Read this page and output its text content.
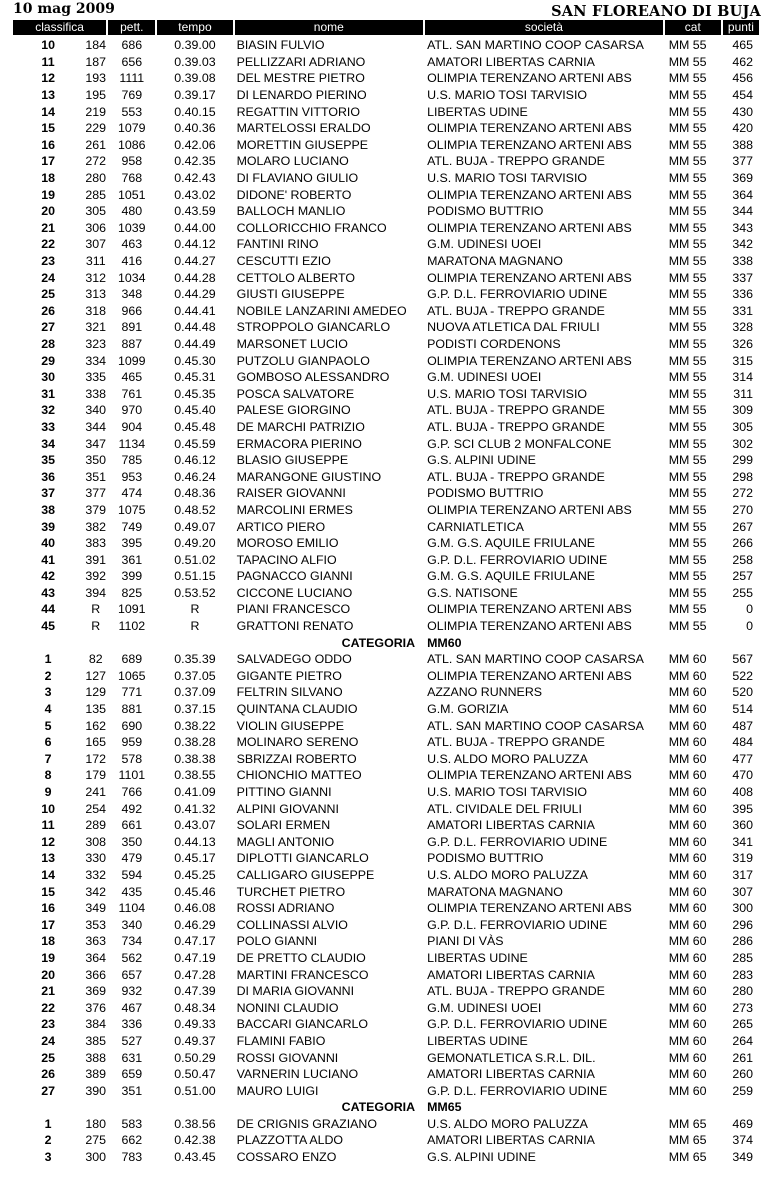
10 mag 2009	SAN FLOREANO DI BUJA
classifica		pett.	tempo	nome	società	cat	punti

10	184	686	0.39.00	BIASIN FULVIO	ATL. SAN MARTINO COOP CASARSA	MM 55	465
11	187	656	0.39.03	PELLIZZARI ADRIANO	AMATORI LIBERTAS CARNIA	MM 55	462
12	193	1111	0.39.08	DEL MESTRE PIETRO	OLIMPIA TERENZANO ARTENI ABS	MM 55	456
13	195	769	0.39.17	DI LENARDO PIERINO	U.S. MARIO TOSI TARVISIO	MM 55	454
14	219	553	0.40.15	REGATTIN VITTORIO	LIBERTAS UDINE	MM 55	430
15	229	1079	0.40.36	MARTELOSSI ERALDO	OLIMPIA TERENZANO ARTENI ABS	MM 55	420
16	261	1086	0.42.06	MORETTIN GIUSEPPE	OLIMPIA TERENZANO ARTENI ABS	MM 55	388
17	272	958	0.42.35	MOLARO LUCIANO	ATL. BUJA - TREPPO GRANDE	MM 55	377
18	280	768	0.42.43	DI FLAVIANO GIULIO	U.S. MARIO TOSI TARVISIO	MM 55	369
19	285	1051	0.43.02	DIDONE' ROBERTO	OLIMPIA TERENZANO ARTENI ABS	MM 55	364
20	305	480	0.43.59	BALLOCH MANLIO	PODISMO BUTTRIO	MM 55	344
21	306	1039	0.44.00	COLLORICCHIO FRANCO	OLIMPIA TERENZANO ARTENI ABS	MM 55	343
22	307	463	0.44.12	FANTINI RINO	G.M. UDINESI UOEI	MM 55	342
23	311	416	0.44.27	CESCUTTI EZIO	MARATONA MAGNANO	MM 55	338
24	312	1034	0.44.28	CETTOLO ALBERTO	OLIMPIA TERENZANO ARTENI ABS	MM 55	337
25	313	348	0.44.29	GIUSTI GIUSEPPE	G.P. D.L. FERROVIARIO UDINE	MM 55	336
26	318	966	0.44.41	NOBILE LANZARINI AMEDEO	ATL. BUJA - TREPPO GRANDE	MM 55	331
27	321	891	0.44.48	STROPPOLO GIANCARLO	NUOVA ATLETICA DAL FRIULI	MM 55	328
28	323	887	0.44.49	MARSONET LUCIO	PODISTI CORDENONS	MM 55	326
29	334	1099	0.45.30	PUTZOLU GIANPAOLO	OLIMPIA TERENZANO ARTENI ABS	MM 55	315
30	335	465	0.45.31	GOMBOSO ALESSANDRO	G.M. UDINESI UOEI	MM 55	314
31	338	761	0.45.35	POSCA SALVATORE	U.S. MARIO TOSI TARVISIO	MM 55	311
32	340	970	0.45.40	PALESE GIORGINO	ATL. BUJA - TREPPO GRANDE	MM 55	309
33	344	904	0.45.48	DE MARCHI PATRIZIO	ATL. BUJA - TREPPO GRANDE	MM 55	305
34	347	1134	0.45.59	ERMACORA PIERINO	G.P. SCI CLUB 2 MONFALCONE	MM 55	302
35	350	785	0.46.12	BLASIO GIUSEPPE	G.S. ALPINI UDINE	MM 55	299
36	351	953	0.46.24	MARANGONE GIUSTINO	ATL. BUJA - TREPPO GRANDE	MM 55	298
37	377	474	0.48.36	RAISER GIOVANNI	PODISMO BUTTRIO	MM 55	272
38	379	1075	0.48.52	MARCOLINI ERMES	OLIMPIA TERENZANO ARTENI ABS	MM 55	270
39	382	749	0.49.07	ARTICO PIERO	CARNIATLETICA	MM 55	267
40	383	395	0.49.20	MOROSO EMILIO	G.M. G.S. AQUILE FRIULANE	MM 55	266
41	391	361	0.51.02	TAPACINO ALFIO	G.P. D.L. FERROVIARIO UDINE	MM 55	258
42	392	399	0.51.15	PAGNACCO GIANNI	G.M. G.S. AQUILE FRIULANE	MM 55	257
43	394	825	0.53.52	CICCONE LUCIANO	G.S. NATISONE	MM 55	255
44	R	1091	R	PIANI FRANCESCO	OLIMPIA TERENZANO ARTENI ABS	MM 55	0
45	R	1102	R	GRATTONI RENATO	OLIMPIA TERENZANO ARTENI ABS	MM 55	0
CATEGORIA					MM60		
1	82	689	0.35.39	SALVADEGO ODDO	ATL. SAN MARTINO COOP CASARSA	MM 60	567
2	127	1065	0.37.05	GIGANTE PIETRO	OLIMPIA TERENZANO ARTENI ABS	MM 60	522
3	129	771	0.37.09	FELTRIN SILVANO	AZZANO RUNNERS	MM 60	520
4	135	881	0.37.15	QUINTANA CLAUDIO	G.M. GORIZIA	MM 60	514
5	162	690	0.38.22	VIOLIN GIUSEPPE	ATL. SAN MARTINO COOP CASARSA	MM 60	487
6	165	959	0.38.28	MOLINARO SERENO	ATL. BUJA - TREPPO GRANDE	MM 60	484
7	172	578	0.38.38	SBRIZZAI ROBERTO	U.S. ALDO MORO PALUZZA	MM 60	477
8	179	1101	0.38.55	CHIONCHIO MATTEO	OLIMPIA TERENZANO ARTENI ABS	MM 60	470
9	241	766	0.41.09	PITTINO GIANNI	U.S. MARIO TOSI TARVISIO	MM 60	408
10	254	492	0.41.32	ALPINI GIOVANNI	ATL. CIVIDALE DEL FRIULI	MM 60	395
11	289	661	0.43.07	SOLARI ERMEN	AMATORI LIBERTAS CARNIA	MM 60	360
12	308	350	0.44.13	MAGLI ANTONIO	G.P. D.L. FERROVIARIO UDINE	MM 60	341
13	330	479	0.45.17	DIPLOTTI GIANCARLO	PODISMO BUTTRIO	MM 60	319
14	332	594	0.45.25	CALLIGARO GIUSEPPE	U.S. ALDO MORO PALUZZA	MM 60	317
15	342	435	0.45.46	TURCHET PIETRO	MARATONA MAGNANO	MM 60	307
16	349	1104	0.46.08	ROSSI ADRIANO	OLIMPIA TERENZANO ARTENI ABS	MM 60	300
17	353	340	0.46.29	COLLINASSI ALVIO	G.P. D.L. FERROVIARIO UDINE	MM 60	296
18	363	734	0.47.17	POLO GIANNI	PIANI DI VÀS	MM 60	286
19	364	562	0.47.19	DE PRETTO CLAUDIO	LIBERTAS UDINE	MM 60	285
20	366	657	0.47.28	MARTINI FRANCESCO	AMATORI LIBERTAS CARNIA	MM 60	283
21	369	932	0.47.39	DI MARIA GIOVANNI	ATL. BUJA - TREPPO GRANDE	MM 60	280
22	376	467	0.48.34	NONINI CLAUDIO	G.M. UDINESI UOEI	MM 60	273
23	384	336	0.49.33	BACCARI GIANCARLO	G.P. D.L. FERROVIARIO UDINE	MM 60	265
24	385	527	0.49.37	FLAMINI FABIO	LIBERTAS UDINE	MM 60	264
25	388	631	0.50.29	ROSSI GIOVANNI	GEMONATLETICA S.R.L. DIL.	MM 60	261
26	389	659	0.50.47	VARNERIN LUCIANO	AMATORI LIBERTAS CARNIA	MM 60	260
27	390	351	0.51.00	MAURO LUIGI	G.P. D.L. FERROVIARIO UDINE	MM 60	259
CATEGORIA					MM65		
1	180	583	0.38.56	DE CRIGNIS GRAZIANO	U.S. ALDO MORO PALUZZA	MM 65	469
2	275	662	0.42.38	PLAZZOTTA ALDO	AMATORI LIBERTAS CARNIA	MM 65	374
3	300	783	0.43.45	COSSARO ENZO	G.S. ALPINI UDINE	MM 65	349
